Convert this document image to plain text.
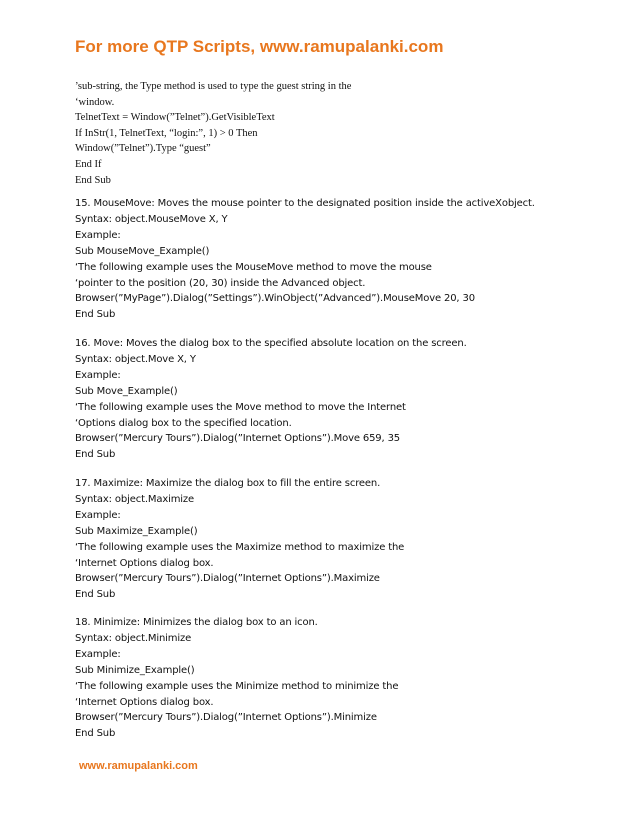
For more QTP Scripts, www.ramupalanki.com
’sub-string, the Type method is used to type the guest string in the
‘window.
TelnetText = Window(”Telnet”).GetVisibleText
If InStr(1, TelnetText, “login:”, 1) > 0 Then
Window(”Telnet”).Type “guest”
End If
End Sub
15. MouseMove: Moves the mouse pointer to the designated position inside the activeXobject.
Syntax: object.MouseMove X, Y
Example:
Sub MouseMove_Example()
‘The following example uses the MouseMove method to move the mouse
‘pointer to the position (20, 30) inside the Advanced object.
Browser(”MyPage”).Dialog(”Settings”).WinObject(”Advanced”).MouseMove 20, 30
End Sub
16. Move: Moves the dialog box to the specified absolute location on the screen.
Syntax: object.Move X, Y
Example:
Sub Move_Example()
‘The following example uses the Move method to move the Internet
‘Options dialog box to the specified location.
Browser(”Mercury Tours”).Dialog(”Internet Options”).Move 659, 35
End Sub
17. Maximize: Maximize the dialog box to fill the entire screen.
Syntax: object.Maximize
Example:
Sub Maximize_Example()
‘The following example uses the Maximize method to maximize the
‘Internet Options dialog box.
Browser(”Mercury Tours”).Dialog(”Internet Options”).Maximize
End Sub
18. Minimize: Minimizes the dialog box to an icon.
Syntax: object.Minimize
Example:
Sub Minimize_Example()
‘The following example uses the Minimize method to minimize the
‘Internet Options dialog box.
Browser(”Mercury Tours”).Dialog(”Internet Options”).Minimize
End Sub
www.ramupalanki.com
